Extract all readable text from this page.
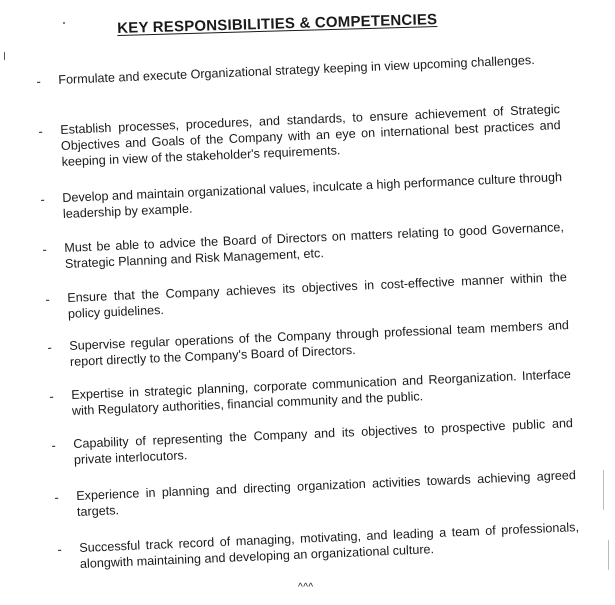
KEY RESPONSIBILITIES & COMPETENCIES
- Formulate and execute Organizational strategy keeping in view upcoming challenges.
- Establish processes, procedures, and standards, to ensure achievement of Strategic Objectives and Goals of the Company with an eye on international best practices and keeping in view of the stakeholder's requirements.
- Develop and maintain organizational values, inculcate a high performance culture through leadership by example.
- Must be able to advice the Board of Directors on matters relating to good Governance, Strategic Planning and Risk Management, etc.
- Ensure that the Company achieves its objectives in cost-effective manner within the policy guidelines.
- Supervise regular operations of the Company through professional team members and report directly to the Company's Board of Directors.
- Expertise in strategic planning, corporate communication and Reorganization. Interface with Regulatory authorities, financial community and the public.
- Capability of representing the Company and its objectives to prospective public and private interlocutors.
- Experience in planning and directing organization activities towards achieving agreed targets.
- Successful track record of managing, motivating, and leading a team of professionals, alongwith maintaining and developing an organizational culture.
^^^
